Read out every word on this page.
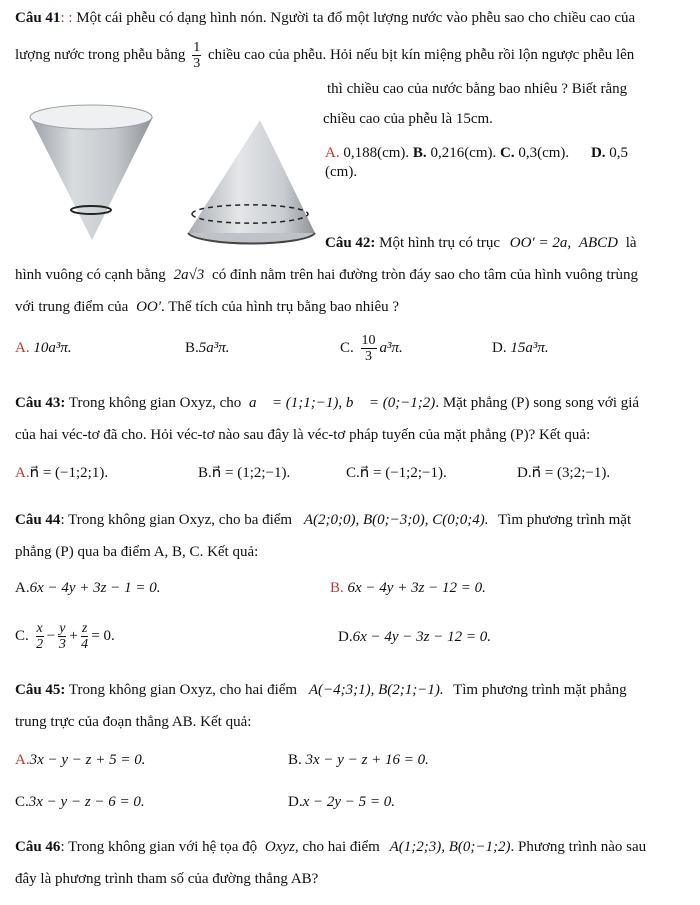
Câu 41: : Một cái phễu có dạng hình nón. Người ta đổ một lượng nước vào phễu sao cho chiều cao của
lượng nước trong phễu bằng $\frac{1}{3}$ chiều cao của phễu. Hỏi nếu bịt kín miệng phễu rồi lộn ngược phễu lên
thì chiều cao của nước bằng bao nhiêu ? Biết rằng
chiều cao của phễu là 15cm.
A. 0,188(cm). B. 0,216(cm). C. 0,3(cm). D. 0,5
(cm).
Câu 42: Một hình trụ có trục OO′ = 2a, ABCD là
hình vuông có cạnh bằng 2a√3 có đỉnh nằm trên hai đường tròn đáy sao cho tâm của hình vuông trùng
với trung điểm của OO′. Thể tích của hình trụ bằng bao nhiêu ?
A. 10a³π.	B.5a³π.	C. $\frac{10}{3} a^3\pi$.	D. 15a³π.
Câu 43: Trong không gian Oxyz, cho a⃗ = (1;1;−1), b⃗ = (0;−1;2). Mặt phẳng (P) song song với giá
của hai véc-tơ đã cho. Hỏi véc-tơ nào sau đây là véc-tơ pháp tuyến của mặt phẳng (P)? Kết quả:
A.n⃗ = (−1;2;1).	B.n⃗ = (1;2;−1).	C.n⃗ = (−1;2;−1).	D.n⃗ = (3;2;−1).
Câu 44: Trong không gian Oxyz, cho ba điểm A(2;0;0), B(0;−3;0), C(0;0;4). Tìm phương trình mặt
phẳng (P) qua ba điểm A, B, C. Kết quả:
A.6x − 4y + 3z − 1 = 0.	B. 6x − 4y + 3z − 12 = 0.
C. $\frac{x}{2} - \frac{y}{3} + \frac{z}{4} = 0$.	D.6x − 4y − 3z − 12 = 0.
Câu 45: Trong không gian Oxyz, cho hai điểm A(−4;3;1), B(2;1;−1). Tìm phương trình mặt phẳng
trung trực của đoạn thẳng AB. Kết quả:
A.3x − y − z + 5 = 0.	B. 3x − y − z + 16 = 0.
C.3x − y − z − 6 = 0.	D.x − 2y − 5 = 0.
Câu 46: Trong không gian với hệ tọa độ Oxyz, cho hai điểm A(1;2;3), B(0;−1;2). Phương trình nào sau
đây là phương trình tham số của đường thẳng AB?
